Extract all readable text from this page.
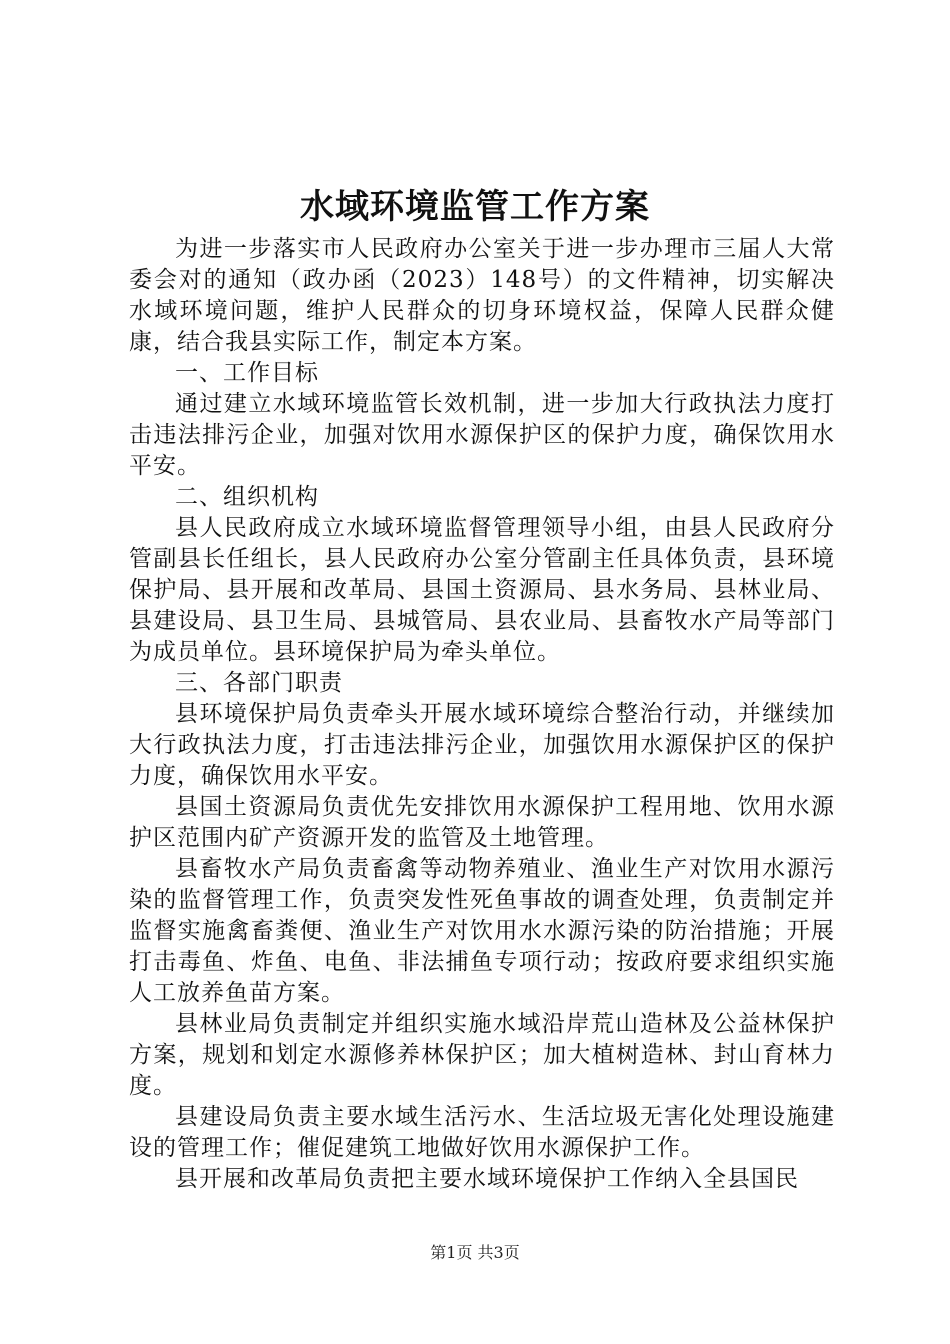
水域环境监管工作方案

为进一步落实市人民政府办公室关于进一步办理市三届人大常委会对的通知（政办函（2023）148号）的文件精神，切实解决水域环境问题，维护人民群众的切身环境权益，保障人民群众健康，结合我县实际工作，制定本方案。

一、工作目标

通过建立水域环境监管长效机制，进一步加大行政执法力度打击违法排污企业，加强对饮用水源保护区的保护力度，确保饮用水平安。

二、组织机构

县人民政府成立水域环境监督管理领导小组，由县人民政府分管副县长任组长，县人民政府办公室分管副主任具体负责，县环境保护局、县开展和改革局、县国土资源局、县水务局、县林业局、县建设局、县卫生局、县城管局、县农业局、县畜牧水产局等部门为成员单位。县环境保护局为牵头单位。

三、各部门职责

县环境保护局负责牵头开展水域环境综合整治行动，并继续加大行政执法力度，打击违法排污企业，加强饮用水源保护区的保护力度，确保饮用水平安。

县国土资源局负责优先安排饮用水源保护工程用地、饮用水源护区范围内矿产资源开发的监管及土地管理。

县畜牧水产局负责畜禽等动物养殖业、渔业生产对饮用水源污染的监督管理工作，负责突发性死鱼事故的调查处理，负责制定并监督实施禽畜粪便、渔业生产对饮用水水源污染的防治措施；开展打击毒鱼、炸鱼、电鱼、非法捕鱼专项行动；按政府要求组织实施人工放养鱼苗方案。

县林业局负责制定并组织实施水域沿岸荒山造林及公益林保护方案，规划和划定水源修养林保护区；加大植树造林、封山育林力度。

县建设局负责主要水域生活污水、生活垃圾无害化处理设施建设的管理工作；催促建筑工地做好饮用水源保护工作。

县开展和改革局负责把主要水域环境保护工作纳入全县国民

第1页 共3页
